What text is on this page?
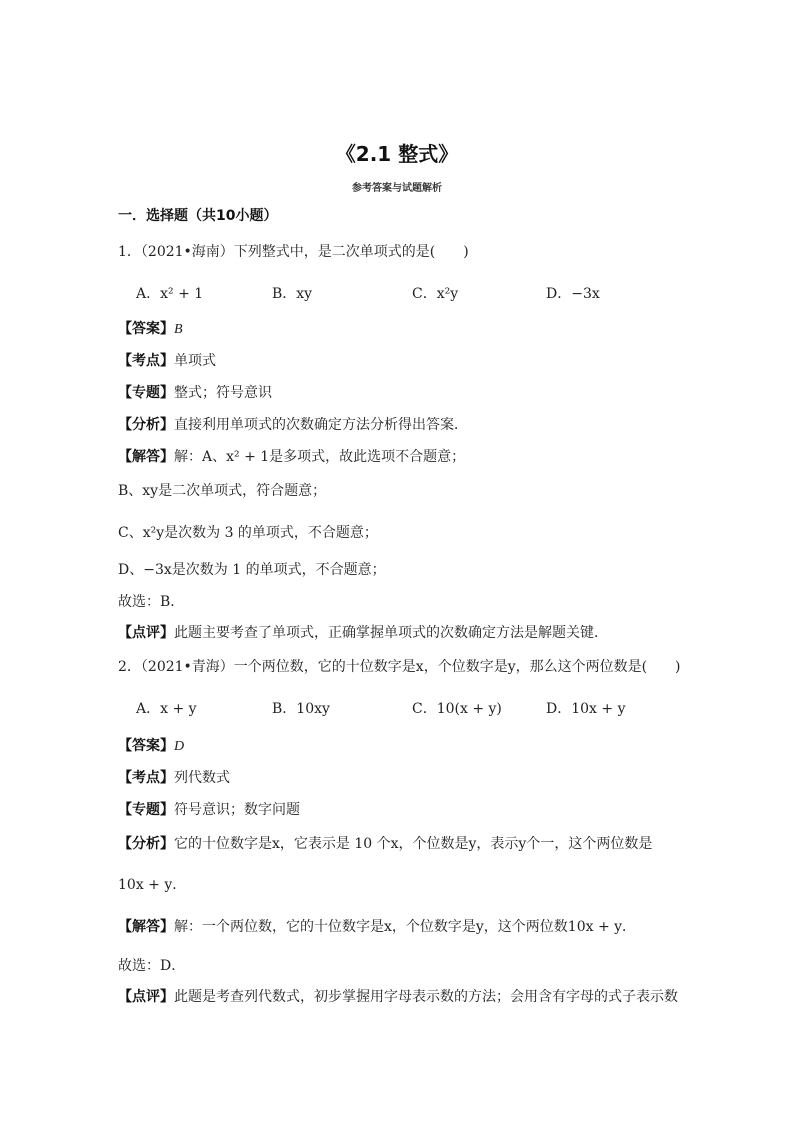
《2.1 整式》
参考答案与试题解析
一．选择题（共10小题）
1．（2021•海南）下列整式中，是二次单项式的是(　　)
A．x² + 1	B．xy	C．x²y	D．−3x
【答案】B
【考点】单项式
【专题】整式；符号意识
【分析】直接利用单项式的次数确定方法分析得出答案．
【解答】解：A、x² + 1是多项式，故此选项不合题意；
B、xy是二次单项式，符合题意；
C、x²y是次数为 3 的单项式，不合题意；
D、−3x是次数为 1 的单项式，不合题意；
故选：B．
【点评】此题主要考查了单项式，正确掌握单项式的次数确定方法是解题关键．
2．（2021•青海）一个两位数，它的十位数字是x，个位数字是y，那么这个两位数是(　　)
A．x + y	B．10xy	C．10(x + y)	D．10x + y
【答案】D
【考点】列代数式
【专题】符号意识；数字问题
【分析】它的十位数字是x，它表示是 10 个x，个位数是y，表示y个一，这个两位数是
10x + y．
【解答】解：一个两位数，它的十位数字是x，个位数字是y，这个两位数10x + y．
故选：D．
【点评】此题是考查列代数式，初步掌握用字母表示数的方法；会用含有字母的式子表示数
